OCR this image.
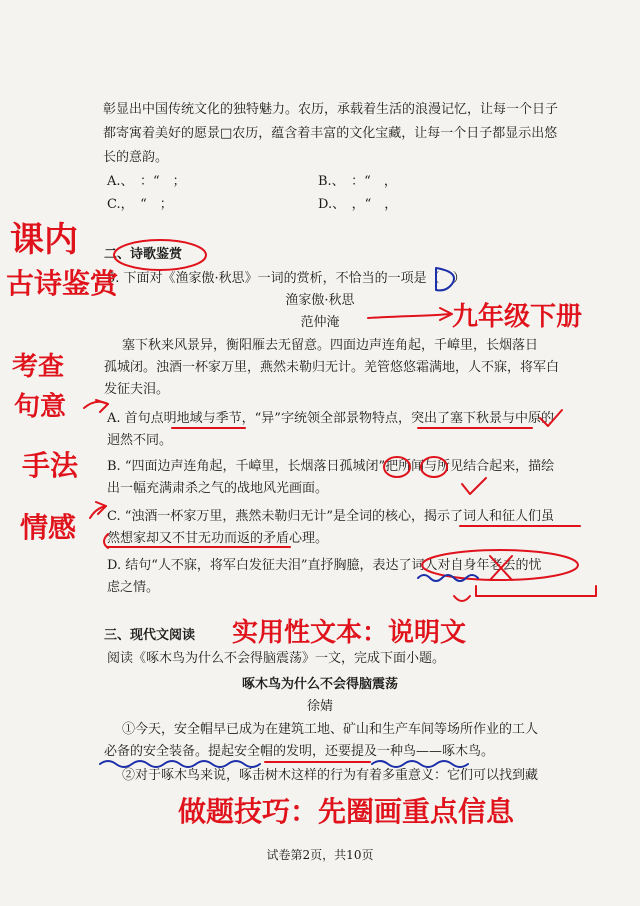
彰显出中国传统文化的独特魅力。农历，承载着生活的浪漫记忆，让每一个日子
都寄寓着美好的愿景□农历，蕴含着丰富的文化宝藏，让每一个日子都显示出悠
长的意韵。
A.、　：“　；	B.、　：“　，
C.，　“　；	D.、　，“　，
二、诗歌鉴赏
5. 下面对《渔家傲·秋思》一词的赏析，不恰当的一项是（　）
渔家傲·秋思
范仲淹
塞下秋来风景异，衡阳雁去无留意。四面边声连角起，千嶂里，长烟落日
孤城闭。浊酒一杯家万里，燕然未勒归无计。羌管悠悠霜满地，人不寐，将军白
发征夫泪。
A. 首句点明地域与季节，“异”字统领全部景物特点，突出了塞下秋景与中原的
迥然不同。
B. “四面边声连角起，千嶂里，长烟落日孤城闭”把所闻与所见结合起来，描绘
出一幅充满肃杀之气的战地风光画面。
C. “浊酒一杯家万里，燕然未勒归无计”是全词的核心，揭示了词人和征人们虽
然想家却又不甘无功而返的矛盾心理。
D. 结句“人不寐，将军白发征夫泪”直抒胸臆，表达了词人对自身年老去的忧
虑之情。
三、现代文阅读
阅读《啄木鸟为什么不会得脑震荡》一文，完成下面小题。
啄木鸟为什么不会得脑震荡
徐婧
①今天，安全帽早已成为在建筑工地、矿山和生产车间等场所作业的工人
必备的安全装备。提起安全帽的发明，还要提及一种鸟——啄木鸟。
②对于啄木鸟来说，啄击树木这样的行为有着多重意义：它们可以找到藏
试卷第2页，共10页
课内
古诗鉴赏
九年级下册
考查
句意
手法
情感
实用性文本：说明文
做题技巧：先圈画重点信息
